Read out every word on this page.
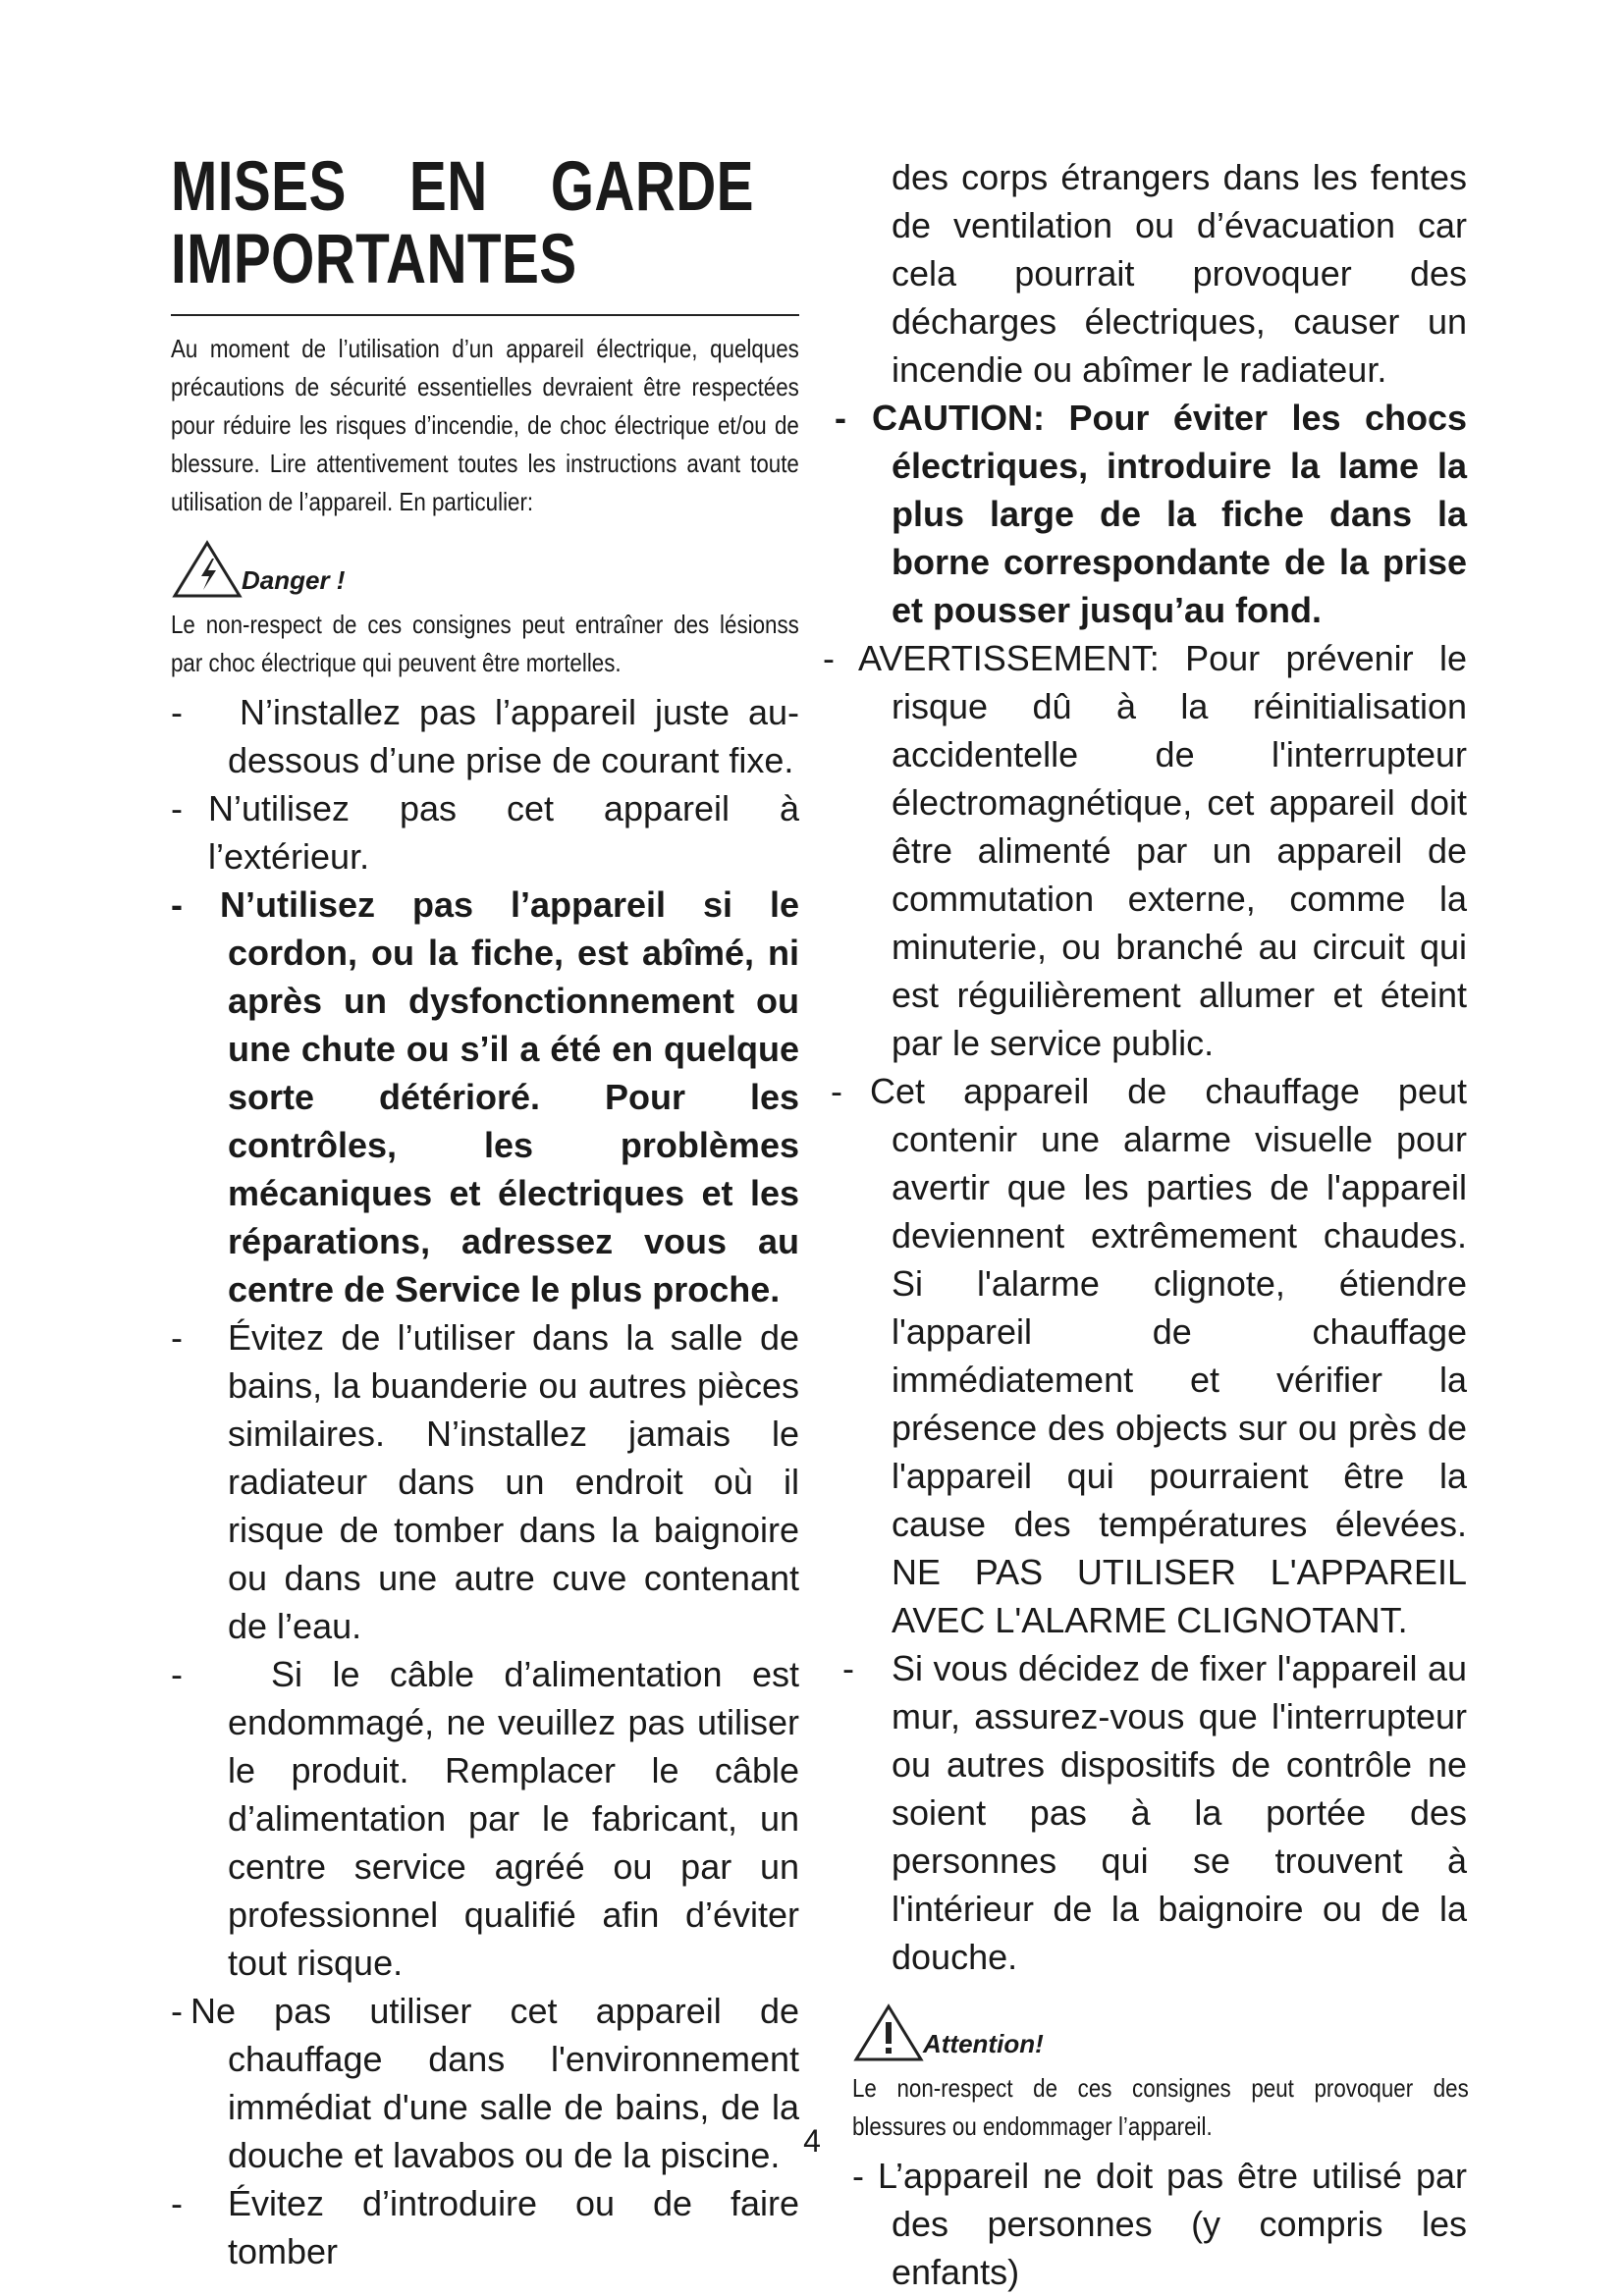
MISES EN GARDE
IMPORTANTES

Au moment de l’utilisation d’un appareil électrique, quelques précautions de sécurité essentielles devraient être respectées pour réduire les risques d’incendie, de choc électrique et/ou de blessure. Lire attentivement toutes les instructions avant toute utilisation de l’appareil. En particulier:

Danger !

Le non-respect de ces consignes peut entraîner des lésionss par choc électrique qui peuvent être mortelles.

-	N’installez pas l’appareil juste au-dessous d’une prise de courant fixe.

- N’utilisez pas cet appareil à l’extérieur.

- N’utilisez pas l’appareil si le cordon, ou la fiche, est abîmé, ni après un dysfonctionnement ou une chute ou s’il a été en quelque sorte détérioré. Pour les contrôles, les problèmes mécaniques et électriques et les réparations, adressez vous au centre de Service le plus proche.

- Évitez de l’utiliser dans la salle de bains, la buanderie ou autres pièces similaires. N’installez jamais le radiateur dans un endroit où il risque de tomber dans la baignoire ou dans une autre cuve contenant de l’eau.

-	Si le câble d’alimentation est endommagé, ne veuillez pas utiliser le produit. Remplacer le câble d’alimentation par le fabricant, un centre service agréé ou par un professionnel qualifié afin d’éviter tout risque.

- Ne pas utiliser cet appareil de chauffage dans l'environnement immédiat d'une salle de bains, de la douche et lavabos ou de la piscine.

- Évitez d’introduire ou de faire tomber

des corps étrangers dans les fentes de ventilation ou d’évacuation car cela pourrait provoquer des décharges électriques, causer un incendie ou abîmer le radiateur.

- CAUTION: Pour éviter les chocs électriques, introduire la lame la plus large de la fiche dans la borne correspondante de la prise et pousser jusqu’au fond.

- AVERTISSEMENT: Pour prévenir le risque dû à la réinitialisation accidentelle de l'interrupteur électromagnétique, cet appareil doit être alimenté par un appareil de commutation externe, comme la minuterie, ou branché au circuit qui est réguilièrement allumer et éteint par le service public.

- Cet appareil de chauffage peut contenir une alarme visuelle pour avertir que les parties de l'appareil deviennent extrêmement chaudes. Si l'alarme clignote, étiendre l'appareil de chauffage immédiatement et vérifier la présence des objects sur ou près de l'appareil qui pourraient être la cause des températures élevées. NE PAS UTILISER L'APPAREIL AVEC L'ALARME CLIGNOTANT.

- Si vous décidez de fixer l'appareil au mur, assurez-vous que l'interrupteur ou autres dispositifs de contrôle ne soient pas à la portée des personnes qui se trouvent à l'intérieur de la baignoire ou de la douche.

Attention!

Le non-respect de ces consignes peut provoquer des blessures ou endommager l’appareil.

- L’appareil ne doit pas être utilisé par des personnes (y compris les enfants)

4
